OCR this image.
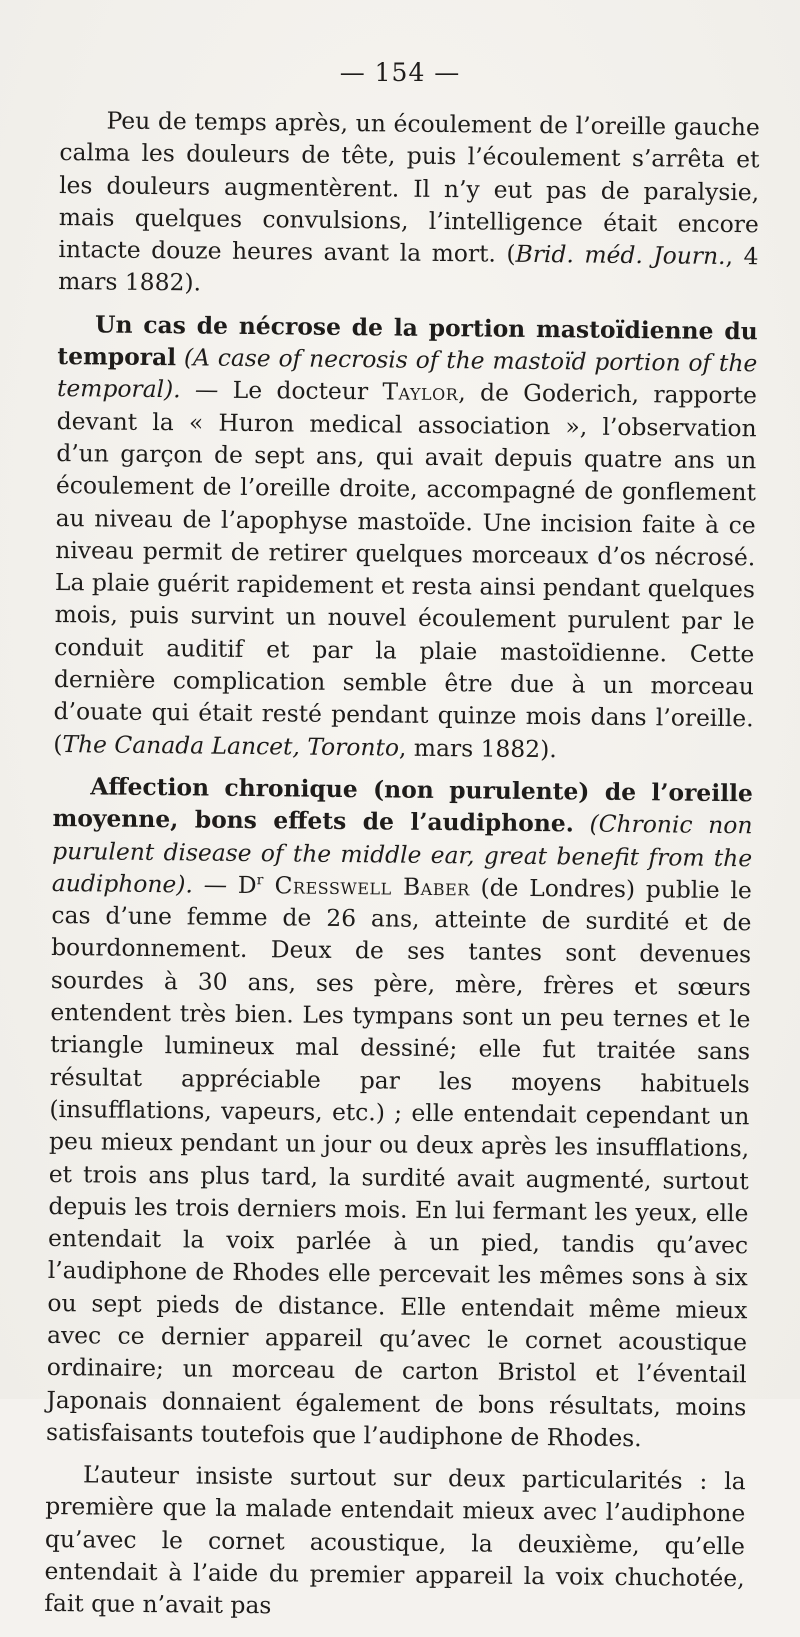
— 154 —

Peu de temps après, un écoulement de l’oreille gauche calma les douleurs de tête, puis l’écoulement s’arrêta et les douleurs augmentèrent. Il n’y eut pas de paralysie, mais quelques convulsions, l’intelligence était encore intacte douze heures avant la mort. (Brid. méd. Journ., 4 mars 1882).

Un cas de nécrose de la portion mastoïdienne du temporal (A case of necrosis of the mastoïd portion of the temporal). — Le docteur Taylor, de Goderich, rapporte devant la « Huron medical association », l’observation d’un garçon de sept ans, qui avait depuis quatre ans un écoulement de l’oreille droite, accompagné de gonflement au niveau de l’apophyse mastoïde. Une incision faite à ce niveau permit de retirer quelques morceaux d’os nécrosé. La plaie guérit rapidement et resta ainsi pendant quelques mois, puis survint un nouvel écoulement purulent par le conduit auditif et par la plaie mastoïdienne. Cette dernière complication semble être due à un morceau d’ouate qui était resté pendant quinze mois dans l’oreille. (The Canada Lancet, Toronto, mars 1882).

Affection chronique (non purulente) de l’oreille moyenne, bons effets de l’audiphone. (Chronic non purulent disease of the middle ear, great benefit from the audiphone). — $D^r$ Cresswell Baber (de Londres) publie le cas d’une femme de 26 ans, atteinte de surdité et de bourdonnement. Deux de ses tantes sont devenues sourdes à 30 ans, ses père, mère, frères et sœurs entendent très bien. Les tympans sont un peu ternes et le triangle lumineux mal dessiné; elle fut traitée sans résultat appréciable par les moyens habituels (insufflations, vapeurs, etc.) ; elle entendait cependant un peu mieux pendant un jour ou deux après les insufflations, et trois ans plus tard, la surdité avait augmenté, surtout depuis les trois derniers mois. En lui fermant les yeux, elle entendait la voix parlée à un pied, tandis qu’avec l’audiphone de Rhodes elle percevait les mêmes sons à six ou sept pieds de distance. Elle entendait même mieux avec ce dernier appareil qu’avec le cornet acoustique ordinaire; un morceau de carton Bristol et l’éventail Japonais donnaient également de bons résultats, moins satisfaisants toutefois que l’audiphone de Rhodes.

L’auteur insiste surtout sur deux particularités : la première que la malade entendait mieux avec l’audiphone qu’avec le cornet acoustique, la deuxième, qu’elle entendait à l’aide du premier appareil la voix chuchotée, fait que n’avait pas
